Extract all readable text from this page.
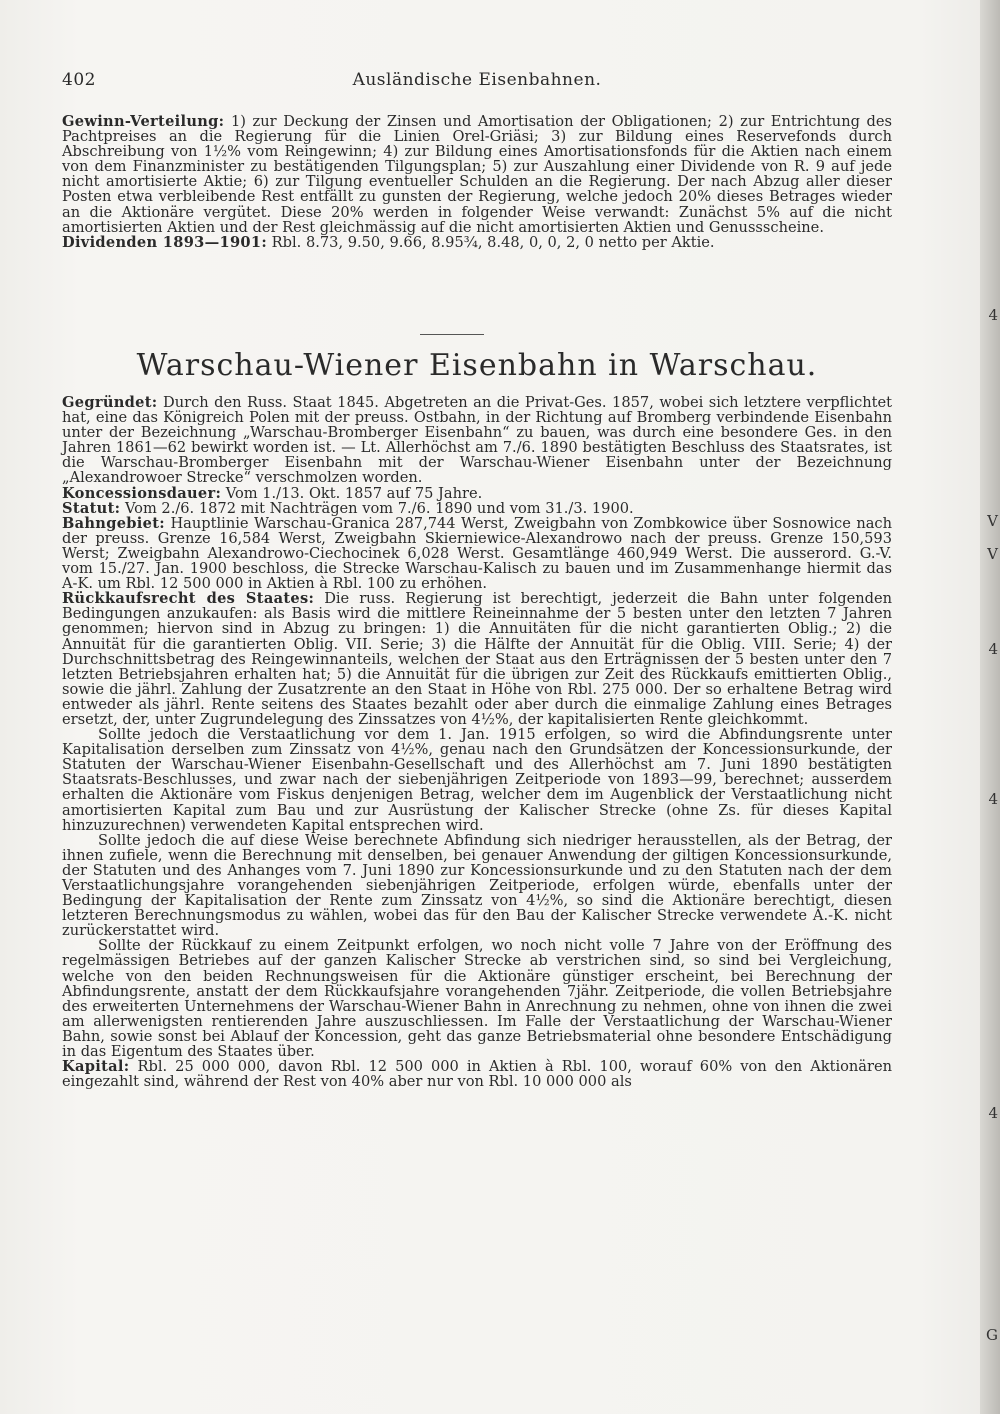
402	Ausländische Eisenbahnen.

Gewinn-Verteilung: 1) zur Deckung der Zinsen und Amortisation der Obligationen; 2) zur Entrichtung des Pachtpreises an die Regierung für die Linien Orel-Griäsi; 3) zur Bildung eines Reservefonds durch Abschreibung von 1½% vom Reingewinn; 4) zur Bildung eines Amortisationsfonds für die Aktien nach einem von dem Finanzminister zu bestätigenden Tilgungsplan; 5) zur Auszahlung einer Dividende von R. 9 auf jede nicht amortisierte Aktie; 6) zur Tilgung eventueller Schulden an die Regierung. Der nach Abzug aller dieser Posten etwa verbleibende Rest entfällt zu gunsten der Regierung, welche jedoch 20% dieses Betrages wieder an die Aktionäre vergütet. Diese 20% werden in folgender Weise verwandt: Zunächst 5% auf die nicht amortisierten Aktien und der Rest gleichmässig auf die nicht amortisierten Aktien und Genussscheine.

Dividenden 1893—1901: Rbl. 8.73, 9.50, 9.66, 8.95¾, 8.48, 0, 0, 2, 0 netto per Aktie.

Warschau-Wiener Eisenbahn in Warschau.

Gegründet: Durch den Russ. Staat 1845. Abgetreten an die Privat-Ges. 1857, wobei sich letztere verpflichtet hat, eine das Königreich Polen mit der preuss. Ostbahn, in der Richtung auf Bromberg verbindende Eisenbahn unter der Bezeichnung „Warschau-Bromberger Eisenbahn“ zu bauen, was durch eine besondere Ges. in den Jahren 1861—62 bewirkt worden ist. — Lt. Allerhöchst am 7./6. 1890 bestätigten Beschluss des Staatsrates, ist die Warschau-Bromberger Eisenbahn mit der Warschau-Wiener Eisenbahn unter der Bezeichnung „Alexandrowoer Strecke“ verschmolzen worden.

Koncessionsdauer: Vom 1./13. Okt. 1857 auf 75 Jahre.

Statut: Vom 2./6. 1872 mit Nachträgen vom 7./6. 1890 und vom 31./3. 1900.

Bahngebiet: Hauptlinie Warschau-Granica 287,744 Werst, Zweigbahn von Zombkowice über Sosnowice nach der preuss. Grenze 16,584 Werst, Zweigbahn Skierniewice-Alexandrowo nach der preuss. Grenze 150,593 Werst; Zweigbahn Alexandrowo-Ciechocinek 6,028 Werst. Gesamtlänge 460,949 Werst. Die ausserord. G.-V. vom 15./27. Jan. 1900 beschloss, die Strecke Warschau-Kalisch zu bauen und im Zusammenhange hiermit das A-K. um Rbl. 12 500 000 in Aktien à Rbl. 100 zu erhöhen.

Rückkaufsrecht des Staates: Die russ. Regierung ist berechtigt, jederzeit die Bahn unter folgenden Bedingungen anzukaufen: als Basis wird die mittlere Reineinnahme der 5 besten unter den letzten 7 Jahren genommen; hiervon sind in Abzug zu bringen: 1) die Annuitäten für die nicht garantierten Oblig.; 2) die Annuität für die garantierten Oblig. VII. Serie; 3) die Hälfte der Annuität für die Oblig. VIII. Serie; 4) der Durchschnittsbetrag des Reingewinnanteils, welchen der Staat aus den Erträgnissen der 5 besten unter den 7 letzten Betriebsjahren erhalten hat; 5) die Annuität für die übrigen zur Zeit des Rückkaufs emittierten Oblig., sowie die jährl. Zahlung der Zusatzrente an den Staat in Höhe von Rbl. 275 000. Der so erhaltene Betrag wird entweder als jährl. Rente seitens des Staates bezahlt oder aber durch die einmalige Zahlung eines Betrages ersetzt, der, unter Zugrundelegung des Zinssatzes von 4½%, der kapitalisierten Rente gleichkommt.

Sollte jedoch die Verstaatlichung vor dem 1. Jan. 1915 erfolgen, so wird die Abfindungsrente unter Kapitalisation derselben zum Zinssatz von 4½%, genau nach den Grundsätzen der Koncessionsurkunde, der Statuten der Warschau-Wiener Eisenbahn-Gesellschaft und des Allerhöchst am 7. Juni 1890 bestätigten Staatsrats-Beschlusses, und zwar nach der siebenjährigen Zeitperiode von 1893—99, berechnet; ausserdem erhalten die Aktionäre vom Fiskus denjenigen Betrag, welcher dem im Augenblick der Verstaatlichung nicht amortisierten Kapital zum Bau und zur Ausrüstung der Kalischer Strecke (ohne Zs. für dieses Kapital hinzuzurechnen) verwendeten Kapital entsprechen wird.

Sollte jedoch die auf diese Weise berechnete Abfindung sich niedriger herausstellen, als der Betrag, der ihnen zufiele, wenn die Berechnung mit denselben, bei genauer Anwendung der giltigen Koncessionsurkunde, der Statuten und des Anhanges vom 7. Juni 1890 zur Koncessionsurkunde und zu den Statuten nach der dem Verstaatlichungsjahre vorangehenden siebenjährigen Zeitperiode, erfolgen würde, ebenfalls unter der Bedingung der Kapitalisation der Rente zum Zinssatz von 4½%, so sind die Aktionäre berechtigt, diesen letzteren Berechnungsmodus zu wählen, wobei das für den Bau der Kalischer Strecke verwendete A.-K. nicht zurückerstattet wird.

Sollte der Rückkauf zu einem Zeitpunkt erfolgen, wo noch nicht volle 7 Jahre von der Eröffnung des regelmässigen Betriebes auf der ganzen Kalischer Strecke ab verstrichen sind, so sind bei Vergleichung, welche von den beiden Rechnungsweisen für die Aktionäre günstiger erscheint, bei Berechnung der Abfindungsrente, anstatt der dem Rückkaufsjahre vorangehenden 7jähr. Zeitperiode, die vollen Betriebsjahre des erweiterten Unternehmens der Warschau-Wiener Bahn in Anrechnung zu nehmen, ohne von ihnen die zwei am allerwenigsten rentierenden Jahre auszuschliessen. Im Falle der Verstaatlichung der Warschau-Wiener Bahn, sowie sonst bei Ablauf der Koncession, geht das ganze Betriebsmaterial ohne besondere Entschädigung in das Eigentum des Staates über.

Kapital: Rbl. 25 000 000, davon Rbl. 12 500 000 in Aktien à Rbl. 100, worauf 60% von den Aktionären eingezahlt sind, während der Rest von 40% aber nur von Rbl. 10 000 000 als

4
V
V
4
4
4
G
